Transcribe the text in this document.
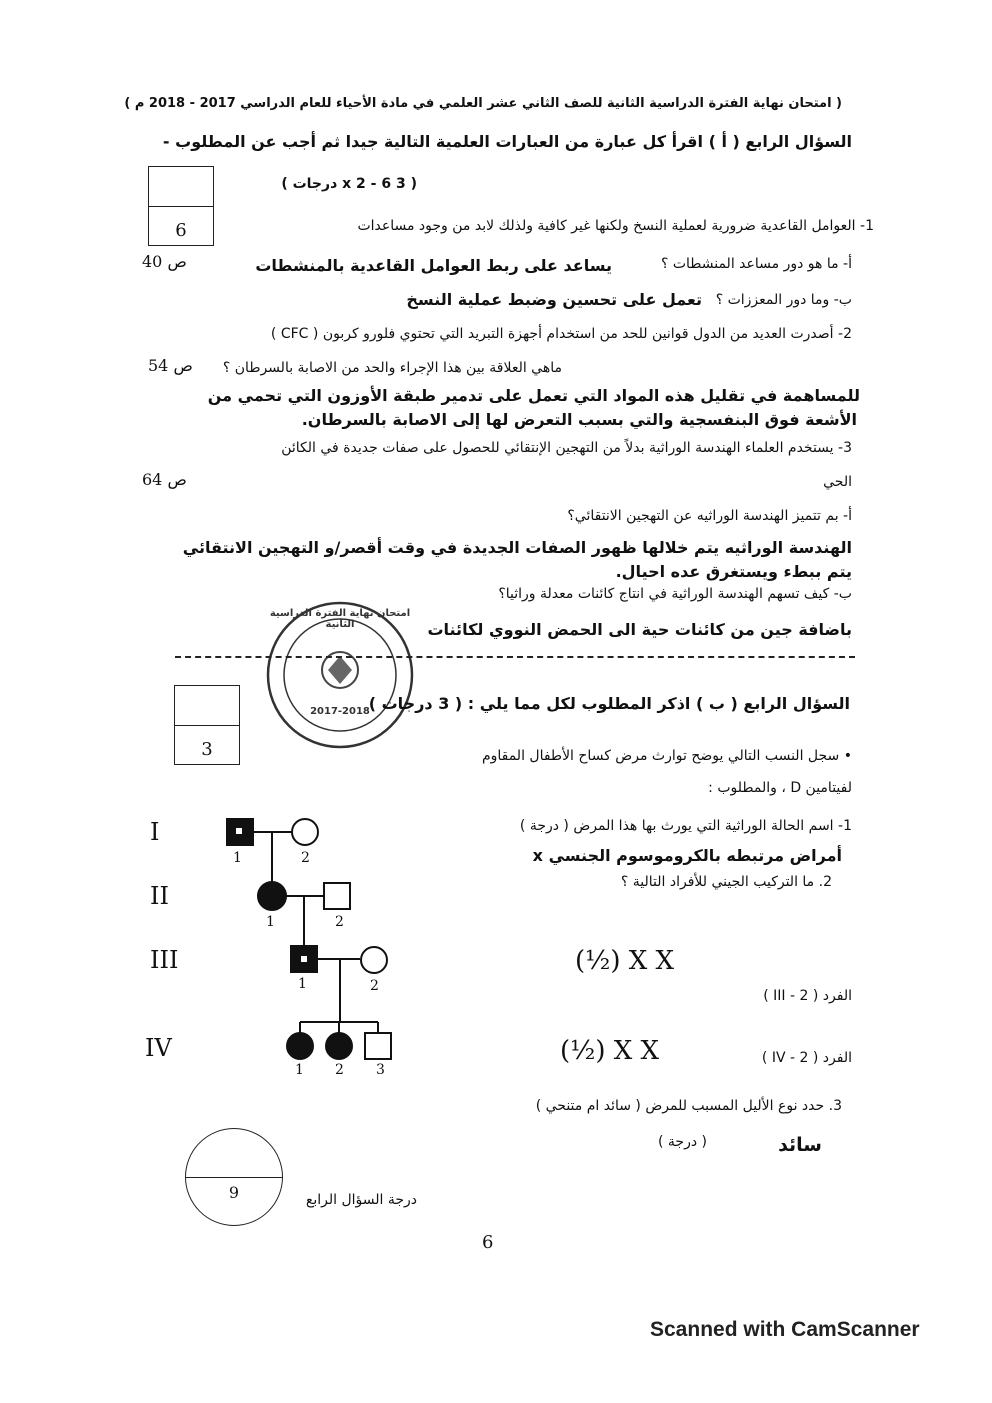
( امتحان نهاية الفترة الدراسية الثانية للصف الثاني عشر العلمي في مادة الأحياء للعام الدراسي 2017 - 2018 م )
السؤال الرابع ( أ ) اقرأ كل عبارة من العبارات العلمية التالية جيدا ثم أجب عن المطلوب -
( 3 x 2 - 6 درجات )
6	1- العوامل القاعدية ضرورية لعملية النسخ ولكنها غير كافية ولذلك لابد من وجود مساعدات
أ- ما هو دور مساعد المنشطات ؟
يساعد على ربط العوامل القاعدية بالمنشطات
ص 40
ب- وما دور المعززات ؟
تعمل على تحسين وضبط عملية النسخ
2- أصدرت العديد من الدول قوانين للحد من استخدام أجهزة التبريد التي تحتوي فلورو كربون ( CFC )
ماهي العلاقة بين هذا الإجراء والحد من الاصابة بالسرطان ؟
ص 54
للمساهمة في تقليل هذه المواد التي تعمل على تدمير طبقة الأوزون التي تحمي من
الأشعة فوق البنفسجية والتي بسبب التعرض لها إلى الاصابة بالسرطان.
3- يستخدم العلماء الهندسة الوراثية بدلاً من التهجين الإنتقائي للحصول على صفات جديدة في الكائن
الحي
ص 64
أ- بم تتميز الهندسة الوراثيه عن التهجين الانتقائي؟
الهندسة الوراثيه يتم خلالها ظهور الصفات الجديدة في وقت أقصر/و التهجين الانتقائي
يتم ببطء ويستغرق عده احيال.
ب- كيف تسهم الهندسة الوراثية في انتاج كائنات معدلة وراثيا؟
باضافة جين من كائنات حية الى الحمض النووي لكائنات
امتحان نهاية الفترة الدراسية الثانية
2017-2018
3
السؤال الرابع ( ب ) اذكر المطلوب لكل مما يلي : ( 3 درجات )
• سجل النسب التالي يوضح توارث مرض كساح الأطفال المقاوم
لفيتامين D ، والمطلوب :
1- اسم الحالة الوراثية التي يورث بها هذا المرض ( درجة )
أمراض مرتبطه بالكروموسوم الجنسي x
2. ما التركيب الجيني للأفراد التالية ؟
الفرد ( 2 - III )
(½) X X
الفرد ( 2 - IV )
(½) X X
3. حدد نوع الأليل المسبب للمرض ( سائد ام متنحي )
سائد
( درجة )
I
II
III
IV
1	2
1	2
1	2
1 2 3
9	درجة السؤال الرابع
6
Scanned with CamScanner
